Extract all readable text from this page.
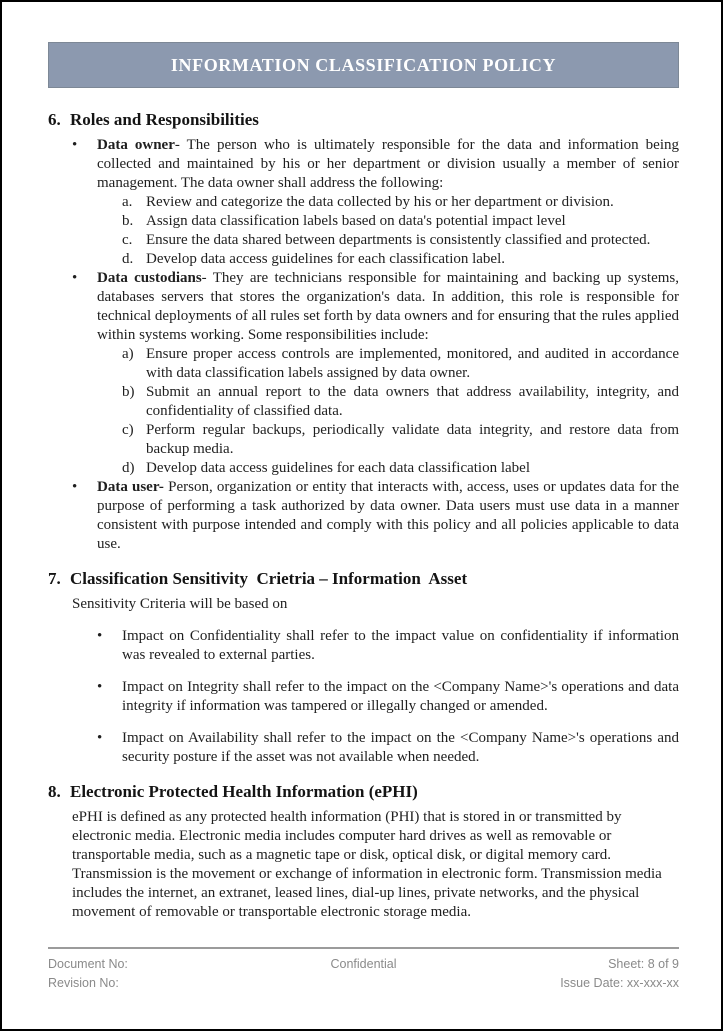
INFORMATION CLASSIFICATION POLICY
6. Roles and Responsibilities
•	Data owner- The person who is ultimately responsible for the data and information being collected and maintained by his or her department or division usually a member of senior management. The data owner shall address the following:

a. Review and categorize the data collected by his or her department or division.

b. Assign data classification labels based on data's potential impact level

c. Ensure the data shared between departments is consistently classified and protected.

d. Develop data access guidelines for each classification label.

•	Data custodians- They are technicians responsible for maintaining and backing up systems, databases servers that stores the organization's data. In addition, this role is responsible for technical deployments of all rules set forth by data owners and for ensuring that the rules applied within systems working. Some responsibilities include:

a) Ensure proper access controls are implemented, monitored, and audited in accordance with data classification labels assigned by data owner.

b) Submit an annual report to the data owners that address availability, integrity, and confidentiality of classified data.

c) Perform regular backups, periodically validate data integrity, and restore data from backup media.

d) Develop data access guidelines for each data classification label

•	Data user- Person, organization or entity that interacts with, access, uses or updates data for the purpose of performing a task authorized by data owner. Data users must use data in a manner consistent with purpose intended and comply with this policy and all policies applicable to data use.

7. Classification Sensitivity  Crietria – Information  Asset

Sensitivity Criteria will be based on

•	Impact on Confidentiality shall refer to the impact value on confidentiality if information was revealed to external parties.

•	Impact on Integrity shall refer to the impact on the <Company Name>'s operations and data integrity if information was tampered or illegally changed or amended.

•	Impact on Availability shall refer to the impact on the <Company Name>'s operations and security posture if the asset was not available when needed.

8. Electronic Protected Health Information (ePHI)

ePHI is defined as any protected health information (PHI) that is stored in or transmitted by electronic media. Electronic media includes computer hard drives as well as removable or transportable media, such as a magnetic tape or disk, optical disk, or digital memory card. Transmission is the movement or exchange of information in electronic form. Transmission media includes the internet, an extranet, leased lines, dial-up lines, private networks, and the physical movement of removable or transportable electronic storage media.

Document No:
Revision No:
Confidential	Sheet: 8 of 9
Issue Date: xx-xxx-xx
